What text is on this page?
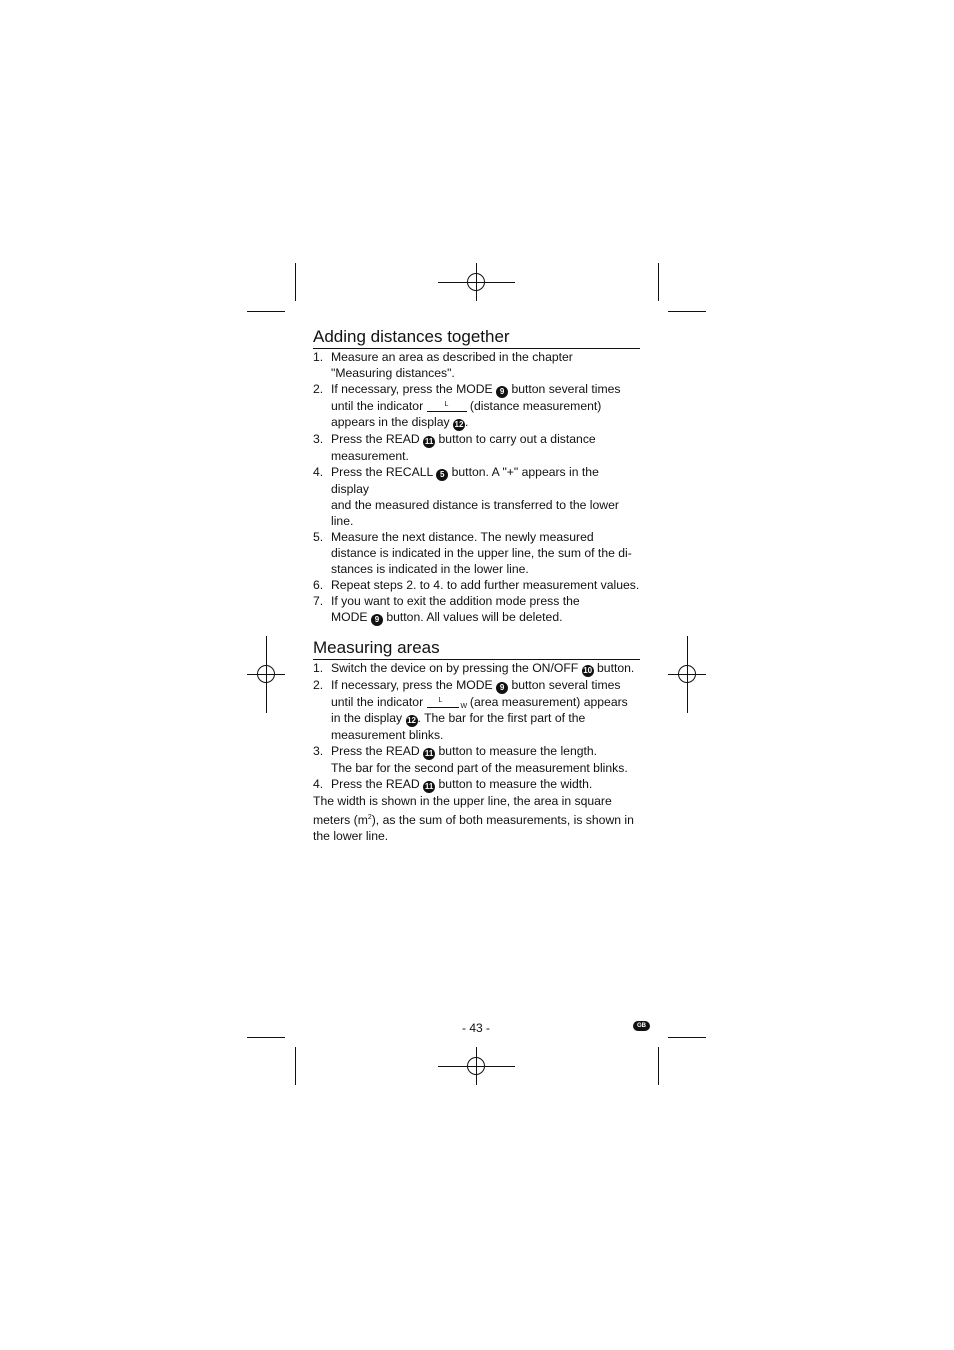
Adding distances together
1. Measure an area as described in the chapter
"Measuring distances".
2. If necessary, press the MODE 9 button several times
until the indicator	L (distance measurement)
appears in the display 12 .
3. Press the READ 11 button to carry out a distance
measurement.
4. Press the RECALL 5 button. A "+" appears in the display
and the measured distance is transferred to the lower line.
5. Measure the next distance. The newly measured
distance is indicated in the upper line, the sum of the di-
stances is indicated in the lower line.
6. Repeat steps 2. to 4. to add further measurement values.
7. If you want to exit the addition mode press the
MODE 9 button. All values will be deleted.
Measuring areas
1. Switch the device on by pressing the ON/OFF 10 button.
2. If necessary, press the MODE 9 button several times
until the indicator L
W (area measurement) appears
in the display 12 . The bar for the first part of the
measurement blinks.
3. Press the READ 11 button to measure the length.
The bar for the second part of the measurement blinks.
4. Press the READ 11 button to measure the width.

The width is shown in the upper line, the area in square
meters $(m^2)$, as the sum of both measurements, is shown in
the lower line.

- 43 -	GB
